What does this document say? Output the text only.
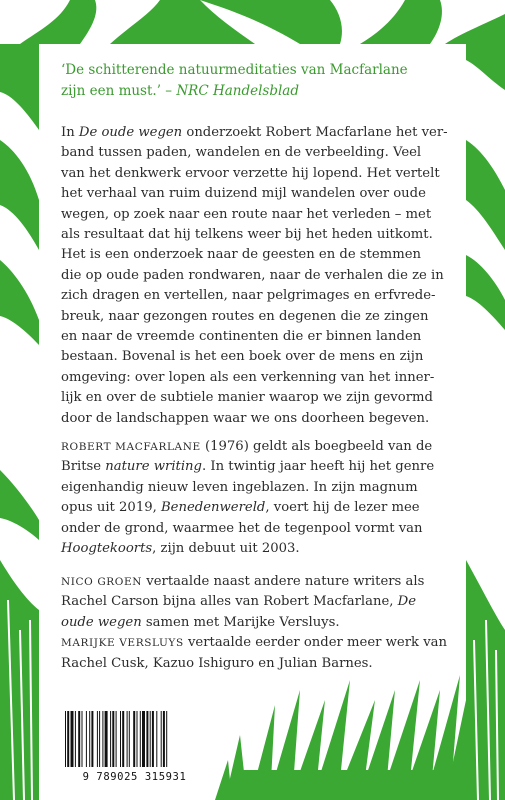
‘De schitterende natuurmeditaties van Macfarlane
zijn een must.’ – NRC Handelsblad
In De oude wegen onderzoekt Robert Macfarlane het ver-
band tussen paden, wandelen en de verbeelding. Veel
van het denkwerk ervoor verzette hij lopend. Het vertelt
het verhaal van ruim duizend mijl wandelen over oude
wegen, op zoek naar een route naar het verleden – met
als resultaat dat hij telkens weer bij het heden uitkomt.
Het is een onderzoek naar de geesten en de stemmen
die op oude paden rondwaren, naar de verhalen die ze in
zich dragen en vertellen, naar pelgrimages en erfvrede-
breuk, naar gezongen routes en degenen die ze zingen
en naar de vreemde continenten die er binnen landen
bestaan. Bovenal is het een boek over de mens en zijn
omgeving: over lopen als een verkenning van het inner-
lijk en over de subtiele manier waarop we zijn gevormd
door de landschappen waar we ons doorheen begeven.
ROBERT MACFARLANE (1976) geldt als boegbeeld van de
Britse nature writing. In twintig jaar heeft hij het genre
eigenhandig nieuw leven ingeblazen. In zijn magnum
opus uit 2019, Benedenwereld, voert hij de lezer mee
onder de grond, waarmee het de tegenpool vormt van
Hoogtekoorts, zijn debuut uit 2003.
NICO GROEN vertaalde naast andere nature writers als
Rachel Carson bijna alles van Robert Macfarlane, De
oude wegen samen met Marijke Versluys.
MARIJKE VERSLUYS vertaalde eerder onder meer werk van
Rachel Cusk, Kazuo Ishiguro en Julian Barnes.
9 789025 315931
